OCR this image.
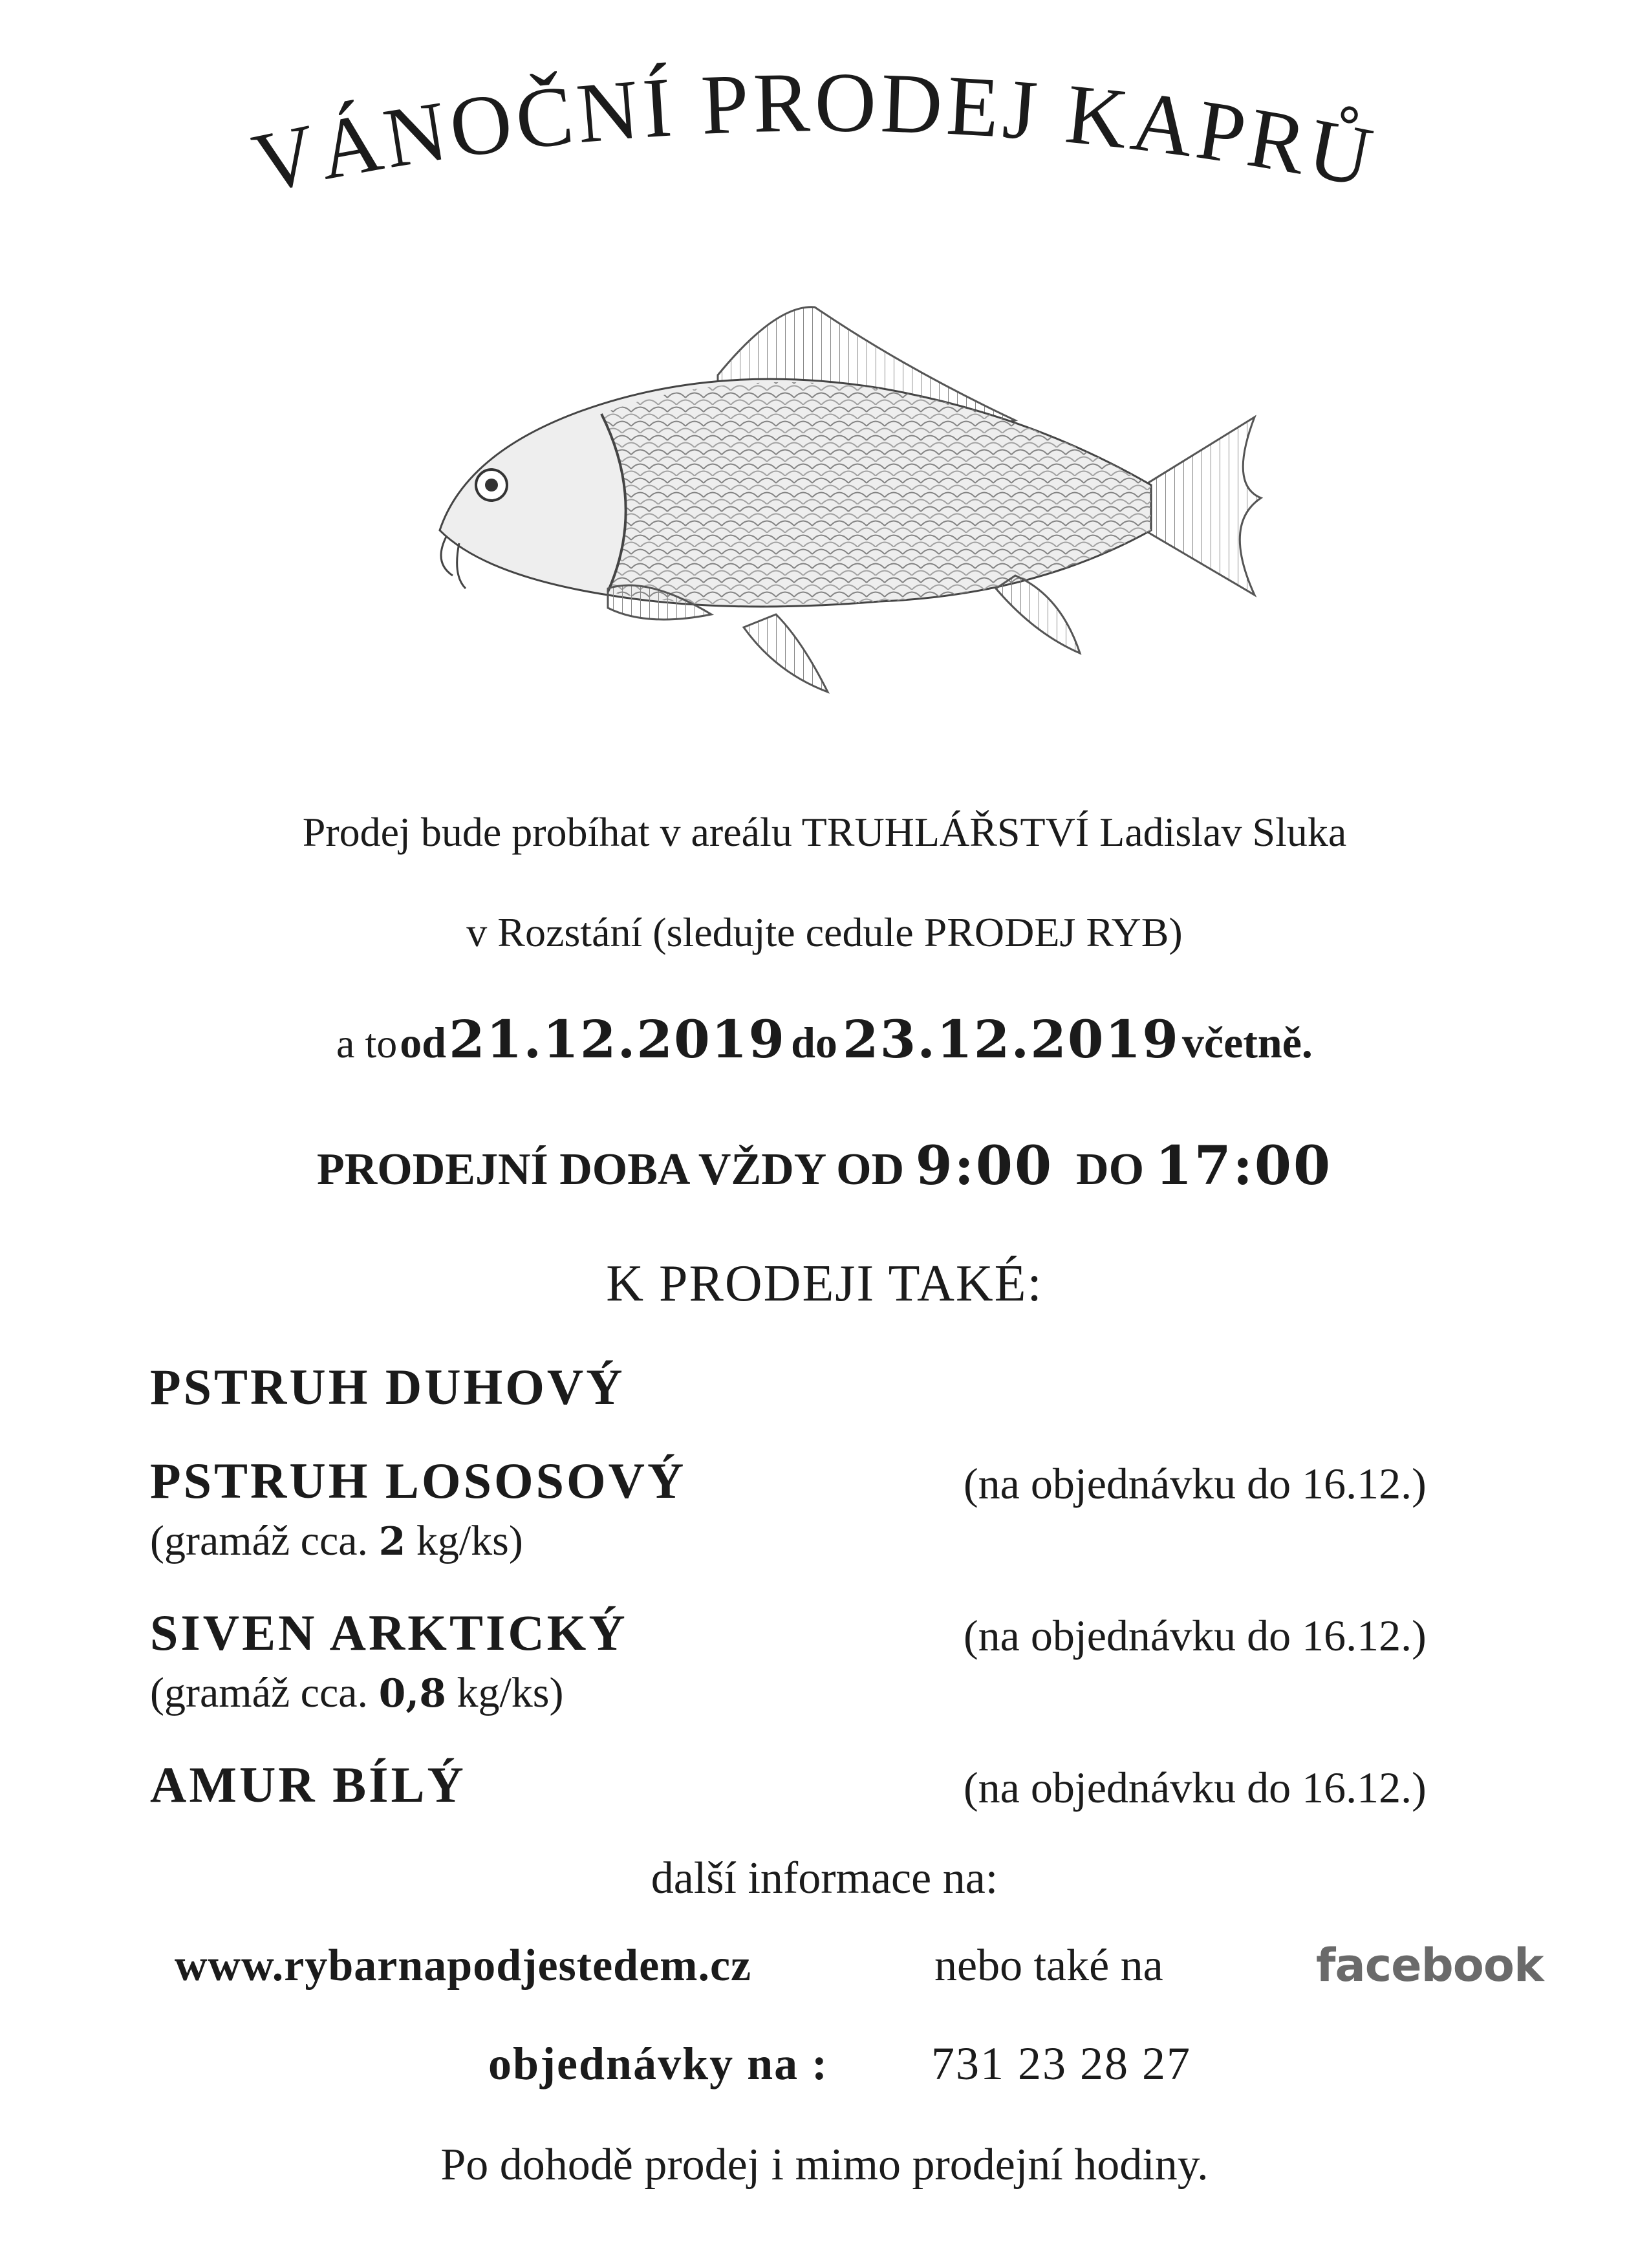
VÁNOČNÍ PRODEJ KAPRŮ
Prodej bude probíhat v areálu TRUHLÁŘSTVÍ Ladislav Sluka
v Rozstání (sledujte cedule PRODEJ RYB)
a to od 21.12.2019 do 23.12.2019 včetně.
PRODEJNÍ DOBA VŽDY OD 9:00 DO 17:00
K PRODEJI TAKÉ:
PSTRUH DUHOVÝ
PSTRUH LOSOSOVÝ	(na objednávku do 16.12.)
(gramáž cca. 2 kg/ks)
SIVEN ARKTICKÝ	(na objednávku do 16.12.)
(gramáž cca. 0,8 kg/ks)
AMUR BÍLÝ	(na objednávku do 16.12.)
další informace na:
www.rybarnapodjestedem.cz	nebo také na	facebook
objednávky na : 731 23 28 27
Po dohodě prodej i mimo prodejní hodiny.
